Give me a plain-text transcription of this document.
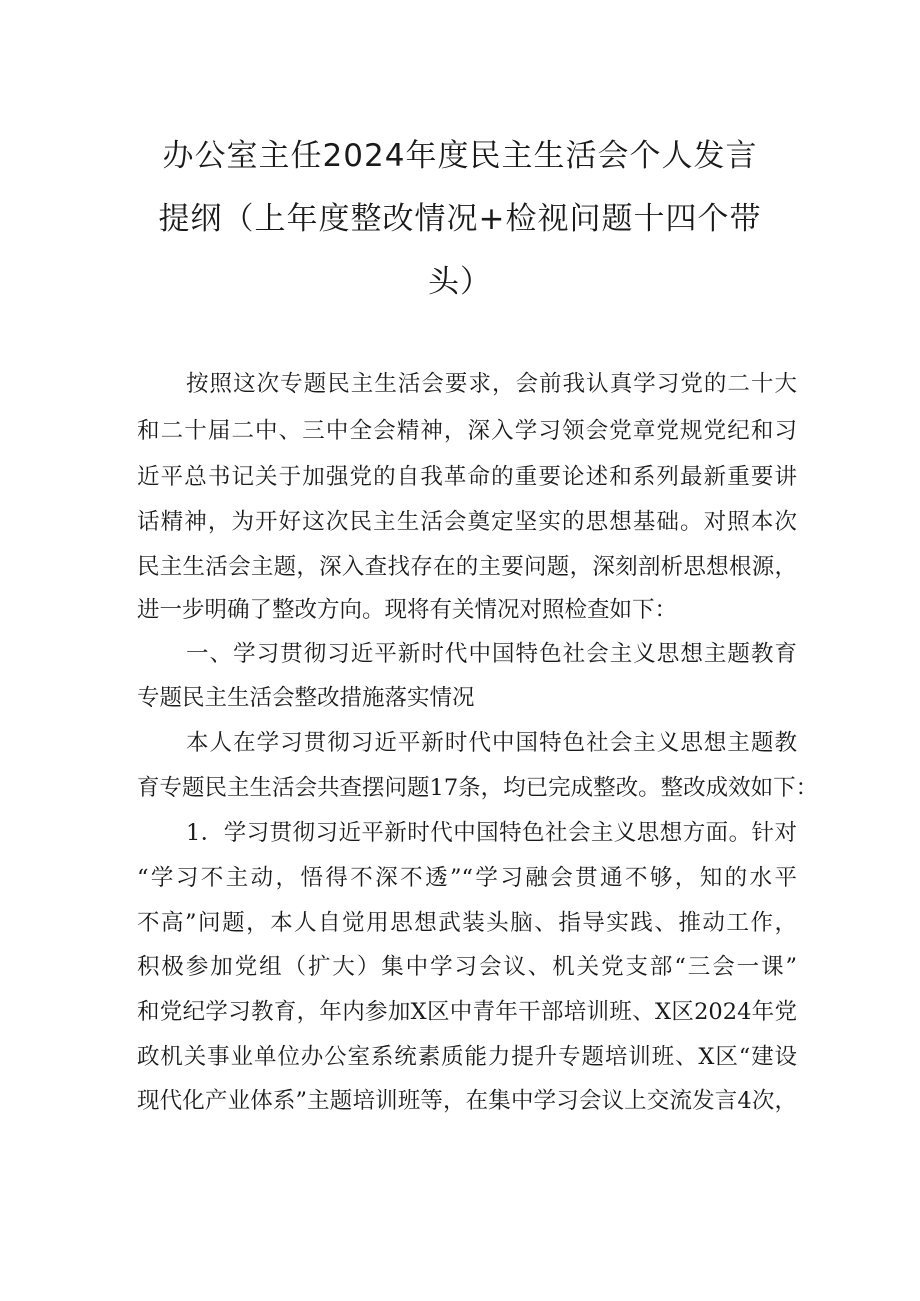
办公室主任2024年度民主生活会个人发言
提纲（上年度整改情况+检视问题十四个带
头）
按照这次专题民主生活会要求，会前我认真学习党的二十大
和二十届二中、三中全会精神，深入学习领会党章党规党纪和习
近平总书记关于加强党的自我革命的重要论述和系列最新重要讲
话精神，为开好这次民主生活会奠定坚实的思想基础。对照本次
民主生活会主题，深入查找存在的主要问题，深刻剖析思想根源，
进一步明确了整改方向。现将有关情况对照检查如下：
一、学习贯彻习近平新时代中国特色社会主义思想主题教育
专题民主生活会整改措施落实情况
本人在学习贯彻习近平新时代中国特色社会主义思想主题教
育专题民主生活会共查摆问题17条，均已完成整改。整改成效如下：
1．学习贯彻习近平新时代中国特色社会主义思想方面。针对
“学习不主动，悟得不深不透”“学习融会贯通不够，知的水平
不高”问题，本人自觉用思想武装头脑、指导实践、推动工作，
积极参加党组（扩大）集中学习会议、机关党支部“三会一课”
和党纪学习教育，年内参加X区中青年干部培训班、X区2024年党
政机关事业单位办公室系统素质能力提升专题培训班、X区“建设
现代化产业体系”主题培训班等，在集中学习会议上交流发言4次，
